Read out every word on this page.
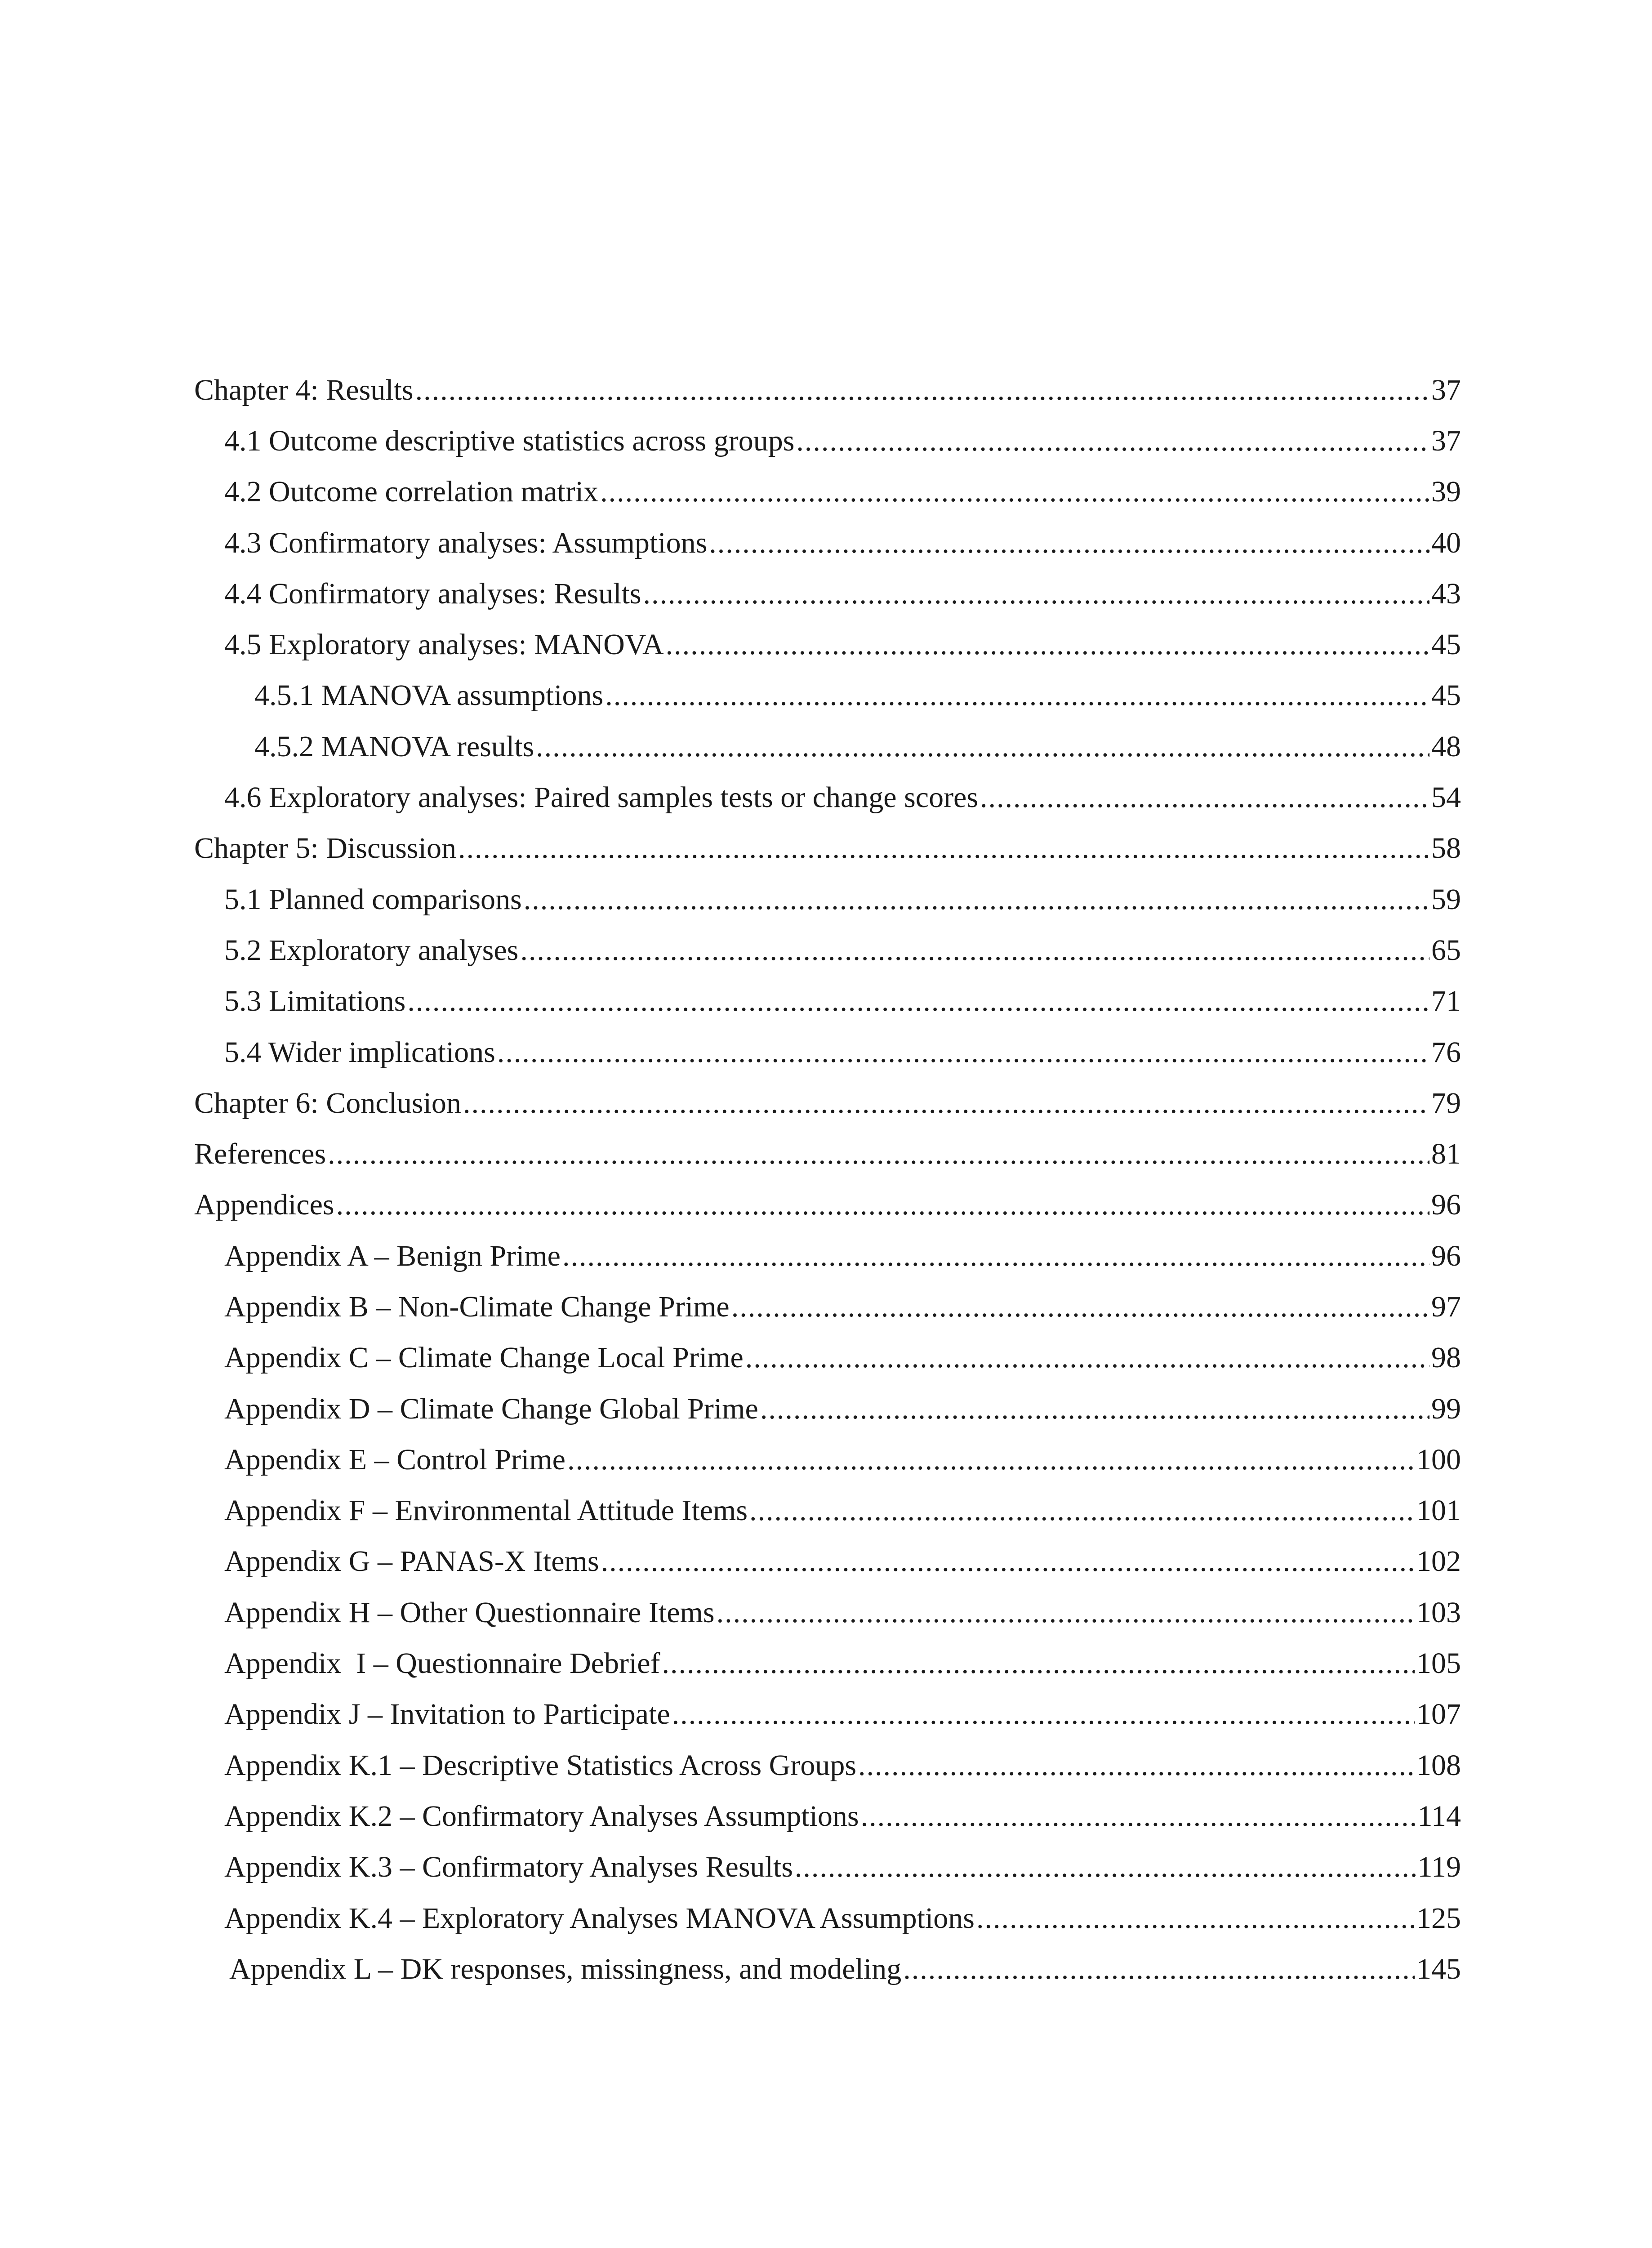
Chapter 4: Results .....	37
4.1 Outcome descriptive statistics across groups .....	37
4.2 Outcome correlation matrix .....	39
4.3 Confirmatory analyses: Assumptions .....	40
4.4 Confirmatory analyses: Results .....	43
4.5 Exploratory analyses: MANOVA .....	45
4.5.1 MANOVA assumptions .....	45
4.5.2 MANOVA results .....	48
4.6 Exploratory analyses: Paired samples tests or change scores .....	54
Chapter 5: Discussion .....	58
5.1 Planned comparisons .....	59
5.2 Exploratory analyses .....	65
5.3 Limitations .....	71
5.4 Wider implications .....	76
Chapter 6: Conclusion .....	79
References .....	81
Appendices .....	96
Appendix A – Benign Prime .....	96
Appendix B – Non-Climate Change Prime .....	97
Appendix C – Climate Change Local Prime .....	98
Appendix D – Climate Change Global Prime .....	99
Appendix E – Control Prime .....	100
Appendix F – Environmental Attitude Items .....	101
Appendix G – PANAS-X Items .....	102
Appendix H – Other Questionnaire Items .....	103
Appendix  I – Questionnaire Debrief .....	105
Appendix J – Invitation to Participate .....	107
Appendix K.1 – Descriptive Statistics Across Groups .....	108
Appendix K.2 – Confirmatory Analyses Assumptions .....	114
Appendix K.3 – Confirmatory Analyses Results .....	119
Appendix K.4 – Exploratory Analyses MANOVA Assumptions .....	125
Appendix L – DK responses, missingness, and modeling .....	145
